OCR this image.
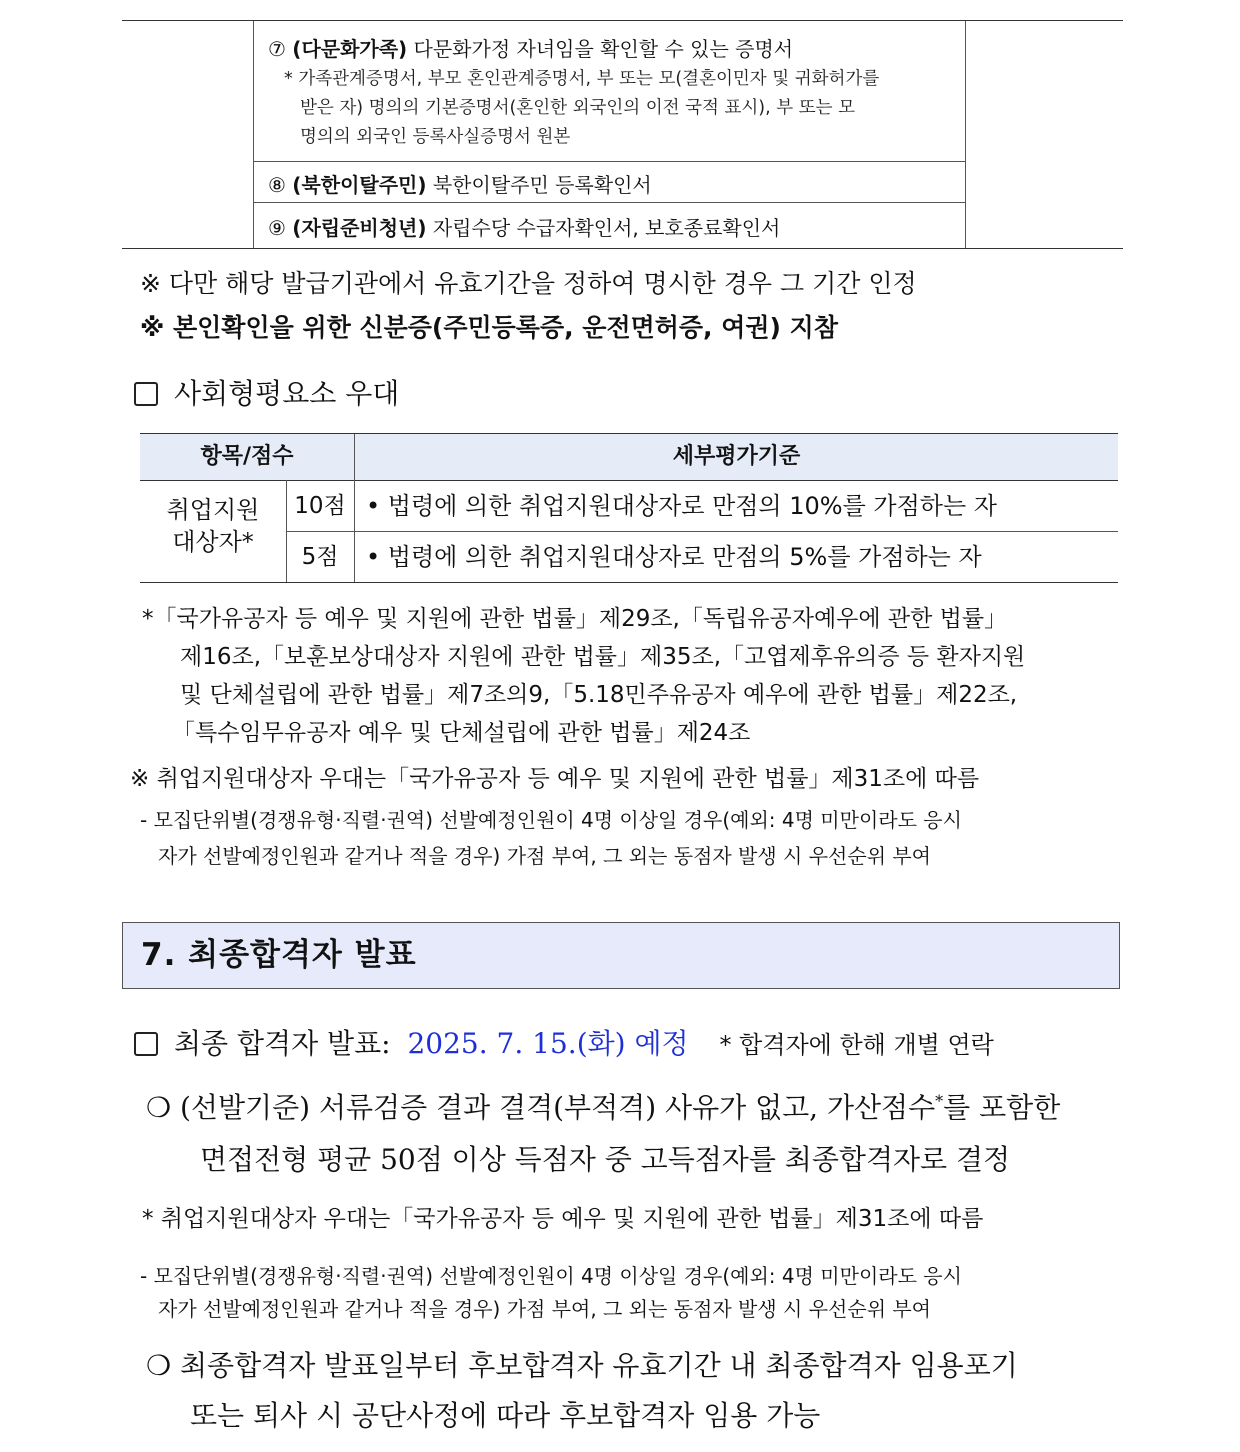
⑦ (다문화가족) 다문화가정 자녀임을 확인할 수 있는 증명서
* 가족관계증명서, 부모 혼인관계증명서, 부 또는 모(결혼이민자 및 귀화허가를
받은 자) 명의의 기본증명서(혼인한 외국인의 이전 국적 표시), 부 또는 모
명의의 외국인 등록사실증명서 원본
⑧ (북한이탈주민) 북한이탈주민 등록확인서
⑨ (자립준비청년) 자립수당 수급자확인서, 보호종료확인서
※ 다만 해당 발급기관에서 유효기간을 정하여 명시한 경우 그 기간 인정
※ 본인확인을 위한 신분증(주민등록증, 운전면허증, 여권) 지참
사회형평요소 우대
항목/점수	세부평가기준
취업지원
대상자*
10점 • 법령에 의한 취업지원대상자로 만점의 10%를 가점하는 자
5점	• 법령에 의한 취업지원대상자로 만점의 5%를 가점하는 자
*「국가유공자 등 예우 및 지원에 관한 법률」제29조,「독립유공자예우에 관한 법률」
제16조,「보훈보상대상자 지원에 관한 법률」제35조,「고엽제후유의증 등 환자지원
및 단체설립에 관한 법률」제7조의9,「5.18민주유공자 예우에 관한 법률」제22조,
「특수임무유공자 예우 및 단체설립에 관한 법률」제24조
※ 취업지원대상자 우대는「국가유공자 등 예우 및 지원에 관한 법률」제31조에 따름
- 모집단위별(경쟁유형·직렬·권역) 선발예정인원이 4명 이상일 경우(예외: 4명 미만이라도 응시
자가 선발예정인원과 같거나 적을 경우) 가점 부여, 그 외는 동점자 발생 시 우선순위 부여
7. 최종합격자 발표
최종 합격자 발표: 2025. 7. 15.(화) 예정 * 합격자에 한해 개별 연락
❍ (선발기준) 서류검증 결과 결격(부적격) 사유가 없고, 가산점수*를 포함한
면접전형 평균 50점 이상 득점자 중 고득점자를 최종합격자로 결정
* 취업지원대상자 우대는「국가유공자 등 예우 및 지원에 관한 법률」제31조에 따름
- 모집단위별(경쟁유형·직렬·권역) 선발예정인원이 4명 이상일 경우(예외: 4명 미만이라도 응시
자가 선발예정인원과 같거나 적을 경우) 가점 부여, 그 외는 동점자 발생 시 우선순위 부여
❍ 최종합격자 발표일부터 후보합격자 유효기간 내 최종합격자 임용포기
또는 퇴사 시 공단사정에 따라 후보합격자 임용 가능
